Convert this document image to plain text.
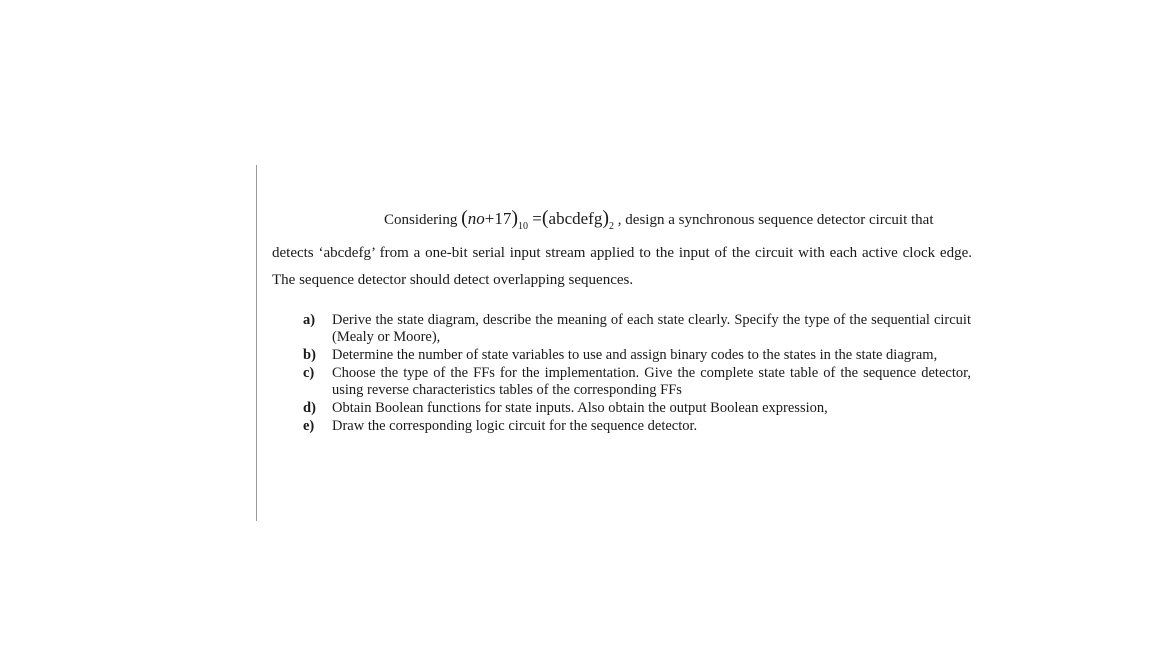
Considering $(no+17)_{10}$ $=(abcdefg)_2$ , design a synchronous sequence detector circuit that
detects ‘abcdefg’ from a one-bit serial input stream applied to the input of the circuit with each active clock edge. The sequence detector should detect overlapping sequences.
a)	Derive the state diagram, describe the meaning of each state clearly. Specify the type of the sequential circuit (Mealy or Moore),
b)	Determine the number of state variables to use and assign binary codes to the states in the state diagram,
c)	Choose the type of the FFs for the implementation. Give the complete state table of the sequence detector, using reverse characteristics tables of the corresponding FFs
d)	Obtain Boolean functions for state inputs. Also obtain the output Boolean expression,
e)	Draw the corresponding logic circuit for the sequence detector.
